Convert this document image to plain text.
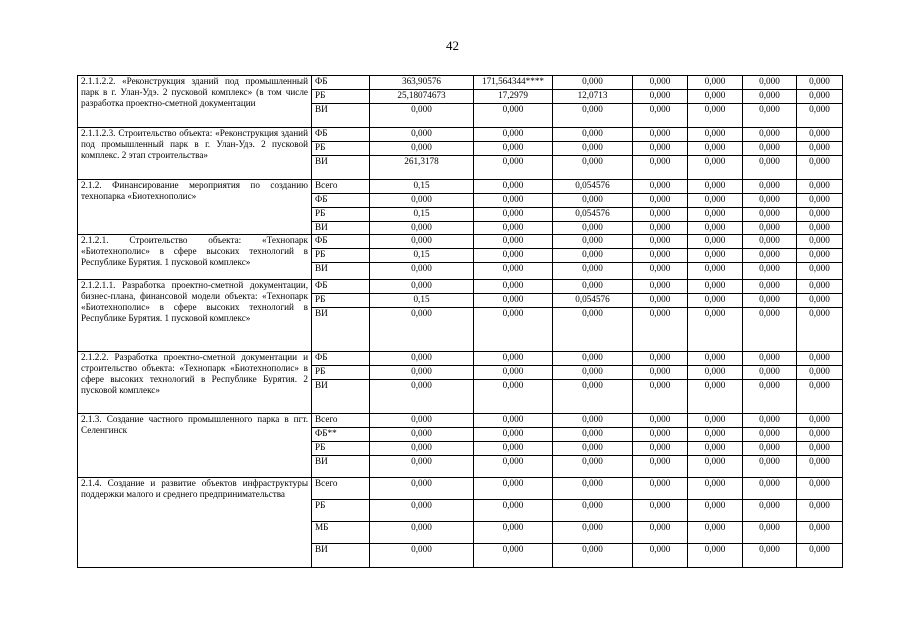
42
2.1.1.2.2. «Реконструкция зданий под промышленный парк в г. Улан-Удэ. 2 пусковой комплекс» (в том числе разработка проектно-сметной документации	ФБ	363,90576	171,564344****	0,000	0,000	0,000	0,000	0,000
	РБ	25,18074673	17,2979	12,0713	0,000	0,000	0,000	0,000
	ВИ	0,000	0,000	0,000	0,000	0,000	0,000	0,000
2.1.1.2.3. Строительство объекта: «Реконструкция зданий под промышленный парк в г. Улан-Удэ. 2 пусковой комплекс. 2 этап строительства»	ФБ	0,000	0,000	0,000	0,000	0,000	0,000	0,000
	РБ	0,000	0,000	0,000	0,000	0,000	0,000	0,000
	ВИ	261,3178	0,000	0,000	0,000	0,000	0,000	0,000
2.1.2. Финансирование мероприятия по созданию технопарка «Биотехнополис»	Всего	0,15	0,000	0,054576	0,000	0,000	0,000	0,000
	ФБ	0,000	0,000	0,000	0,000	0,000	0,000	0,000
	РБ	0,15	0,000	0,054576	0,000	0,000	0,000	0,000
	ВИ	0,000	0,000	0,000	0,000	0,000	0,000	0,000
2.1.2.1. Строительство объекта: «Технопарк «Биотехнополис» в сфере высоких технологий в Республике Бурятия. 1 пусковой комплекс»	ФБ	0,000	0,000	0,000	0,000	0,000	0,000	0,000
	РБ	0,15	0,000	0,000	0,000	0,000	0,000	0,000
	ВИ	0,000	0,000	0,000	0,000	0,000	0,000	0,000
2.1.2.1.1. Разработка проектно-сметной документации, бизнес-плана, финансовой модели объекта: «Технопарк «Биотехнополис» в сфере высоких технологий в Республике Бурятия. 1 пусковой комплекс»	ФБ	0,000	0,000	0,000	0,000	0,000	0,000	0,000
	РБ	0,15	0,000	0,054576	0,000	0,000	0,000	0,000
	ВИ	0,000	0,000	0,000	0,000	0,000	0,000	0,000
2.1.2.2. Разработка проектно-сметной документации и строительство объекта: «Технопарк «Биотехнополис» в сфере высоких технологий в Республике Бурятия. 2 пусковой комплекс»	ФБ	0,000	0,000	0,000	0,000	0,000	0,000	0,000
	РБ	0,000	0,000	0,000	0,000	0,000	0,000	0,000
	ВИ	0,000	0,000	0,000	0,000	0,000	0,000	0,000
2.1.3. Создание частного промышленного парка в пгт. Селенгинск	Всего	0,000	0,000	0,000	0,000	0,000	0,000	0,000
	ФБ**	0,000	0,000	0,000	0,000	0,000	0,000	0,000
	РБ	0,000	0,000	0,000	0,000	0,000	0,000	0,000
	ВИ	0,000	0,000	0,000	0,000	0,000	0,000	0,000
2.1.4. Создание и развитие объектов инфраструктуры поддержки малого и среднего предпринимательства	Всего	0,000	0,000	0,000	0,000	0,000	0,000	0,000
	РБ	0,000	0,000	0,000	0,000	0,000	0,000	0,000
	МБ	0,000	0,000	0,000	0,000	0,000	0,000	0,000
	ВИ	0,000	0,000	0,000	0,000	0,000	0,000	0,000
